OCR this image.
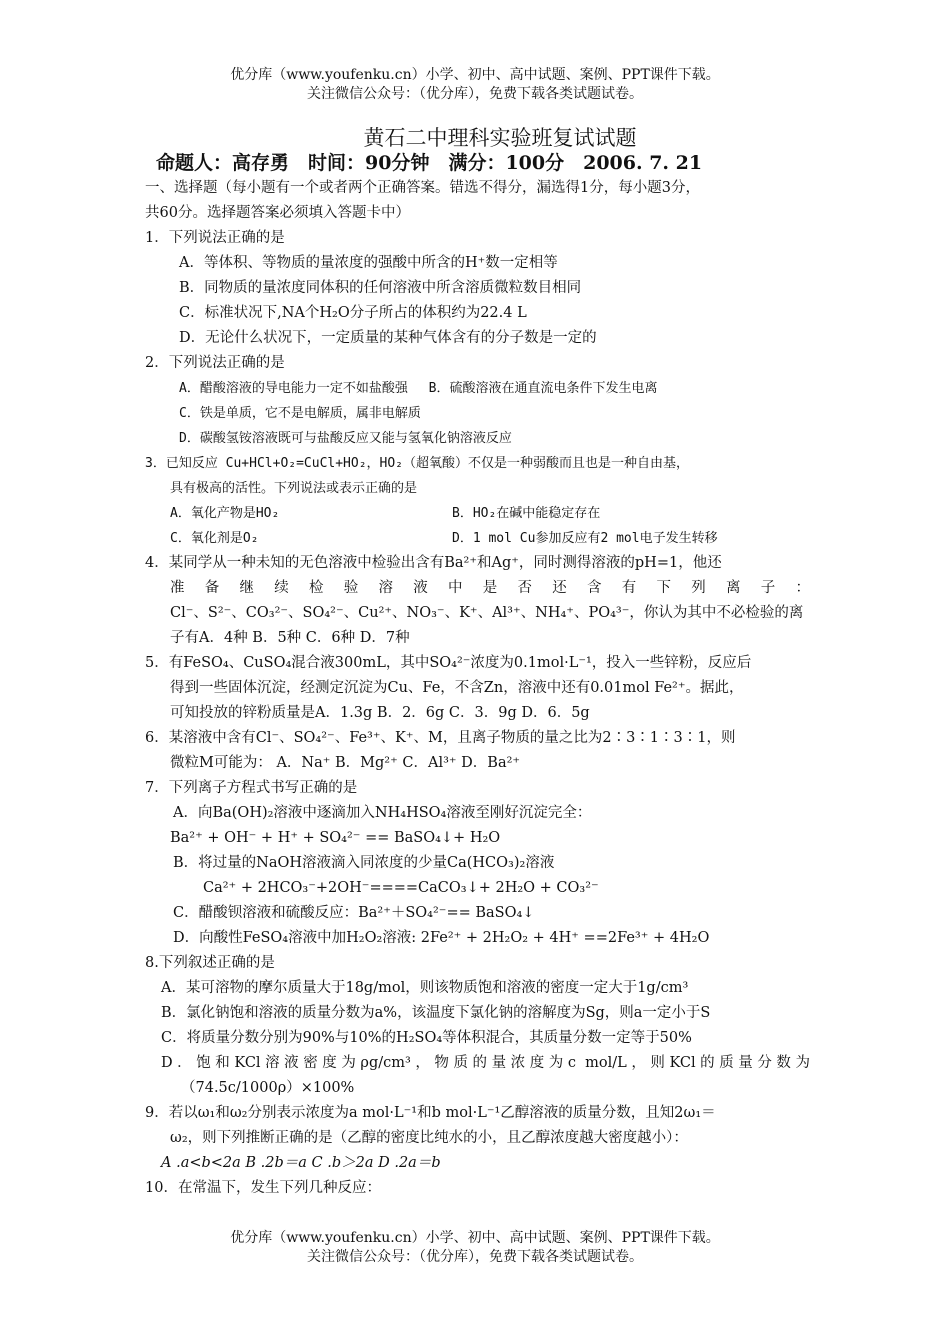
优分库（www.youfenku.cn）小学、初中、高中试题、案例、PPT课件下载。
关注微信公众号：（优分库），免费下载各类试题试卷。
黄石二中理科实验班复试试题
命题人：高存勇　时间：90分钟　满分：100分　2006. 7. 21
一、选择题（每小题有一个或者两个正确答案。错选不得分，漏选得1分，每小题3分，
共60分。选择题答案必须填入答题卡中）
1．下列说法正确的是
A．等体积、等物质的量浓度的强酸中所含的H⁺数一定相等
B．同物质的量浓度同体积的任何溶液中所含溶质微粒数目相同
C．标准状况下,NA个H₂O分子所占的体积约为22.4 L
D．无论什么状况下，一定质量的某种气体含有的分子数是一定的
2．下列说法正确的是
A．醋酸溶液的导电能力一定不如盐酸强　 B．硫酸溶液在通直流电条件下发生电离
C．铁是单质，它不是电解质，属非电解质
D．碳酸氢铵溶液既可与盐酸反应又能与氢氧化钠溶液反应
3．已知反应 Cu+HCl+O₂=CuCl+HO₂，HO₂（超氧酸）不仅是一种弱酸而且也是一种自由基，
具有极高的活性。下列说法或表示正确的是
A．氧化产物是HO₂	B．HO₂在碱中能稳定存在
C．氧化剂是O₂	D．1 mol Cu参加反应有2 mol电子发生转移
4．某同学从一种未知的无色溶液中检验出含有Ba²⁺和Ag⁺，同时测得溶液的pH=1，他还
准备继续检验溶液中是否还含有下列离子：
Cl⁻、S²⁻、CO₃²⁻、SO₄²⁻、Cu²⁺、NO₃⁻、K⁺、Al³⁺、NH₄⁺、PO₄³⁻，你认为其中不必检验的离
子有A．4种 B．5种 C．6种 D．7种
5．有FeSO₄、CuSO₄混合液300mL，其中SO₄²⁻浓度为0.1mol·L⁻¹，投入一些锌粉，反应后
得到一些固体沉淀，经测定沉淀为Cu、Fe，不含Zn，溶液中还有0.01mol Fe²⁺。据此，
可知投放的锌粉质量是A．1.3g B．2．6g C．3．9g D．6．5g
6．某溶液中含有Cl⁻、SO₄²⁻、Fe³⁺、K⁺、M，且离子物质的量之比为2∶3∶1∶3∶1，则
微粒M可能为： A．Na⁺ B．Mg²⁺ C．Al³⁺ D．Ba²⁺
7．下列离子方程式书写正确的是
A．向Ba(OH)₂溶液中逐滴加入NH₄HSO₄溶液至刚好沉淀完全：
Ba²⁺ + OH⁻ + H⁺ + SO₄²⁻ == BaSO₄↓+ H₂O
B．将过量的NaOH溶液滴入同浓度的少量Ca(HCO₃)₂溶液
Ca²⁺ + 2HCO₃⁻+2OH⁻====CaCO₃↓+ 2H₂O + CO₃²⁻
C．醋酸钡溶液和硫酸反应：Ba²⁺＋SO₄²⁻== BaSO₄↓
D．向酸性FeSO₄溶液中加H₂O₂溶液: 2Fe²⁺ + 2H₂O₂ + 4H⁺ ==2Fe³⁺ + 4H₂O
8.下列叙述正确的是
A．某可溶物的摩尔质量大于18g/mol，则该物质饱和溶液的密度一定大于1g/cm³
B．氯化钠饱和溶液的质量分数为a%，该温度下氯化钠的溶解度为Sg，则a一定小于S
C．将质量分数分别为90%与10%的H₂SO₄等体积混合，其质量分数一定等于50%
D．饱和KCl溶液密度为ρg/cm³，物质的量浓度为c mol/L，则KCl的质量分数为
（74.5c/1000ρ）×100%
9．若以ω₁和ω₂分别表示浓度为a mol·L⁻¹和b mol·L⁻¹乙醇溶液的质量分数，且知2ω₁＝
ω₂，则下列推断正确的是（乙醇的密度比纯水的小，且乙醇浓度越大密度越小）：
A .a<b<2a B .2b＝a C .b＞2a D .2a＝b
10．在常温下，发生下列几种反应：
优分库（www.youfenku.cn）小学、初中、高中试题、案例、PPT课件下载。
关注微信公众号：（优分库），免费下载各类试题试卷。
